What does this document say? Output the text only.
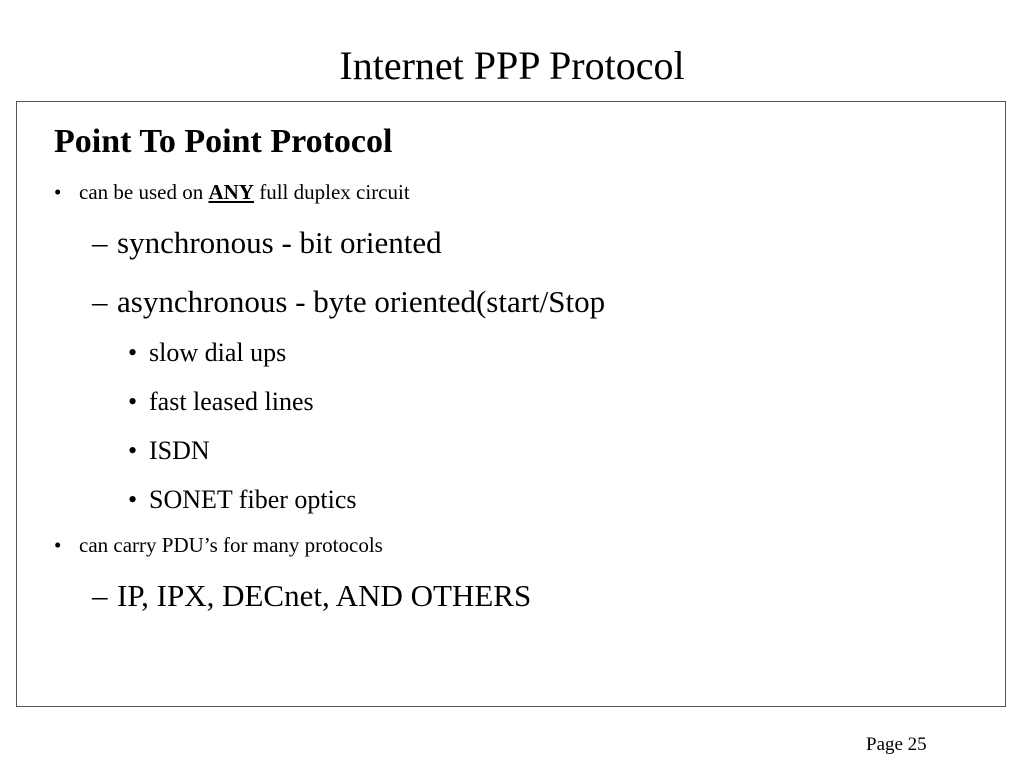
Internet PPP Protocol
Point To Point Protocol
• can be used on ANY full duplex circuit
– synchronous - bit oriented
– asynchronous - byte oriented(start/Stop
• slow dial ups
• fast leased lines
• ISDN
• SONET fiber optics
• can carry PDU’s for many protocols
– IP, IPX, DECnet, AND OTHERS
Page 25
